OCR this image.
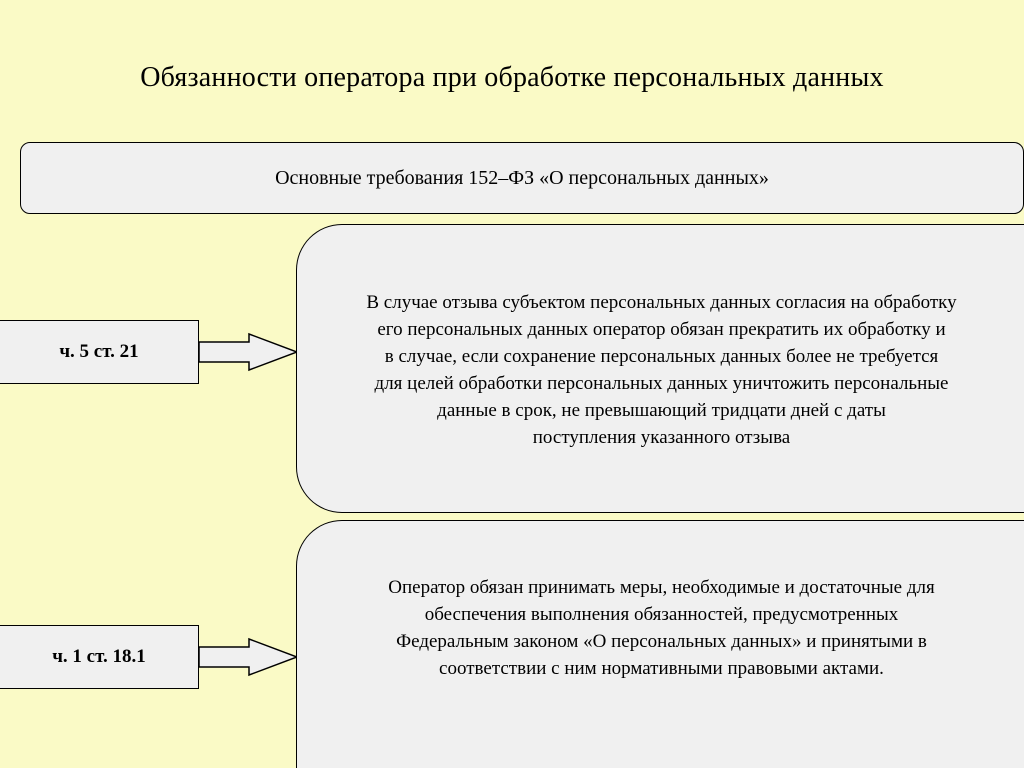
Обязанности оператора при обработке персональных данных
Основные требования 152–ФЗ «О персональных данных»
ч. 5 ст. 21

В случае отзыва субъектом персональных данных согласия на обработку
его персональных данных оператор обязан прекратить их обработку и
в случае, если сохранение персональных данных более не требуется
для целей обработки персональных данных уничтожить персональные
данные в срок, не превышающий тридцати дней с даты
поступления указанного отзыва

ч. 1 ст. 18.1

Оператор обязан принимать меры, необходимые и достаточные для
обеспечения выполнения обязанностей, предусмотренных
Федеральным законом «О персональных данных» и принятыми в
соответствии с ним нормативными правовыми актами.
